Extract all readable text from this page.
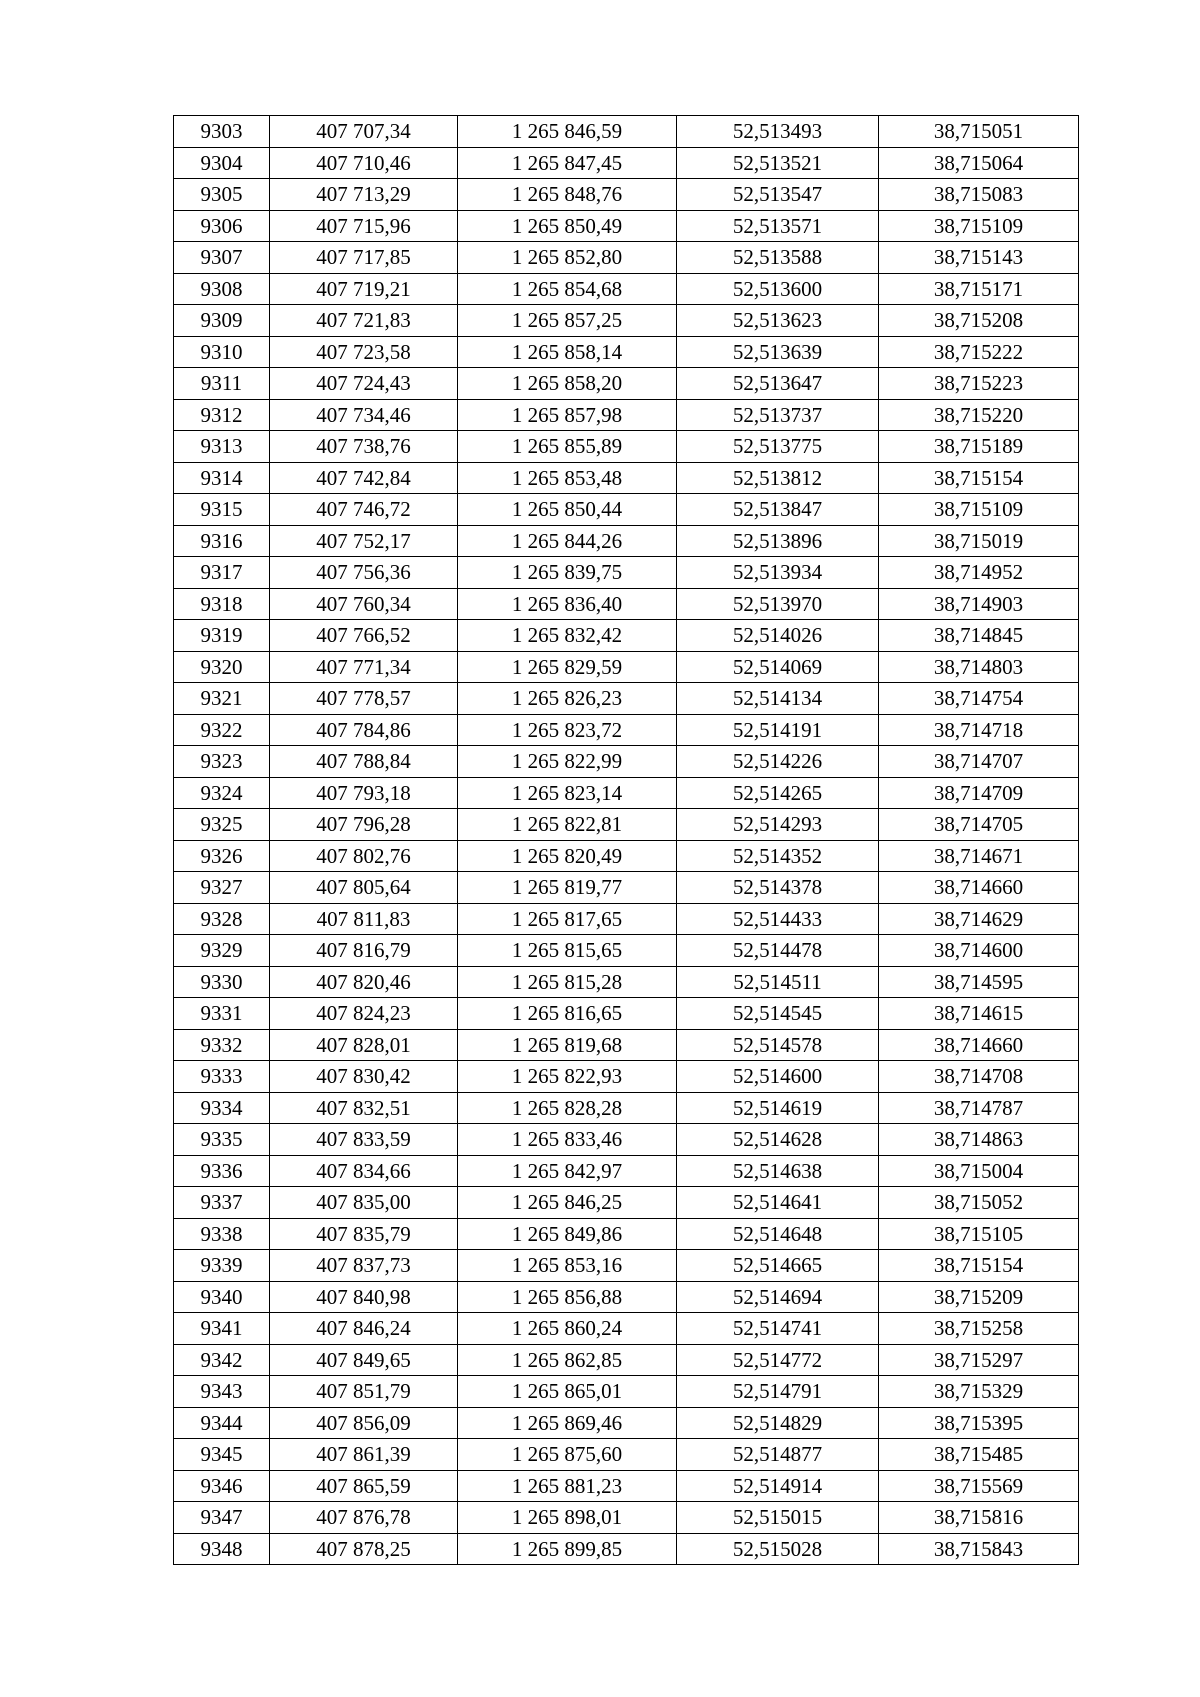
9303	407 707,34	1 265 846,59	52,513493	38,715051
9304	407 710,46	1 265 847,45	52,513521	38,715064
9305	407 713,29	1 265 848,76	52,513547	38,715083
9306	407 715,96	1 265 850,49	52,513571	38,715109
9307	407 717,85	1 265 852,80	52,513588	38,715143
9308	407 719,21	1 265 854,68	52,513600	38,715171
9309	407 721,83	1 265 857,25	52,513623	38,715208
9310	407 723,58	1 265 858,14	52,513639	38,715222
9311	407 724,43	1 265 858,20	52,513647	38,715223
9312	407 734,46	1 265 857,98	52,513737	38,715220
9313	407 738,76	1 265 855,89	52,513775	38,715189
9314	407 742,84	1 265 853,48	52,513812	38,715154
9315	407 746,72	1 265 850,44	52,513847	38,715109
9316	407 752,17	1 265 844,26	52,513896	38,715019
9317	407 756,36	1 265 839,75	52,513934	38,714952
9318	407 760,34	1 265 836,40	52,513970	38,714903
9319	407 766,52	1 265 832,42	52,514026	38,714845
9320	407 771,34	1 265 829,59	52,514069	38,714803
9321	407 778,57	1 265 826,23	52,514134	38,714754
9322	407 784,86	1 265 823,72	52,514191	38,714718
9323	407 788,84	1 265 822,99	52,514226	38,714707
9324	407 793,18	1 265 823,14	52,514265	38,714709
9325	407 796,28	1 265 822,81	52,514293	38,714705
9326	407 802,76	1 265 820,49	52,514352	38,714671
9327	407 805,64	1 265 819,77	52,514378	38,714660
9328	407 811,83	1 265 817,65	52,514433	38,714629
9329	407 816,79	1 265 815,65	52,514478	38,714600
9330	407 820,46	1 265 815,28	52,514511	38,714595
9331	407 824,23	1 265 816,65	52,514545	38,714615
9332	407 828,01	1 265 819,68	52,514578	38,714660
9333	407 830,42	1 265 822,93	52,514600	38,714708
9334	407 832,51	1 265 828,28	52,514619	38,714787
9335	407 833,59	1 265 833,46	52,514628	38,714863
9336	407 834,66	1 265 842,97	52,514638	38,715004
9337	407 835,00	1 265 846,25	52,514641	38,715052
9338	407 835,79	1 265 849,86	52,514648	38,715105
9339	407 837,73	1 265 853,16	52,514665	38,715154
9340	407 840,98	1 265 856,88	52,514694	38,715209
9341	407 846,24	1 265 860,24	52,514741	38,715258
9342	407 849,65	1 265 862,85	52,514772	38,715297
9343	407 851,79	1 265 865,01	52,514791	38,715329
9344	407 856,09	1 265 869,46	52,514829	38,715395
9345	407 861,39	1 265 875,60	52,514877	38,715485
9346	407 865,59	1 265 881,23	52,514914	38,715569
9347	407 876,78	1 265 898,01	52,515015	38,715816
9348	407 878,25	1 265 899,85	52,515028	38,715843
